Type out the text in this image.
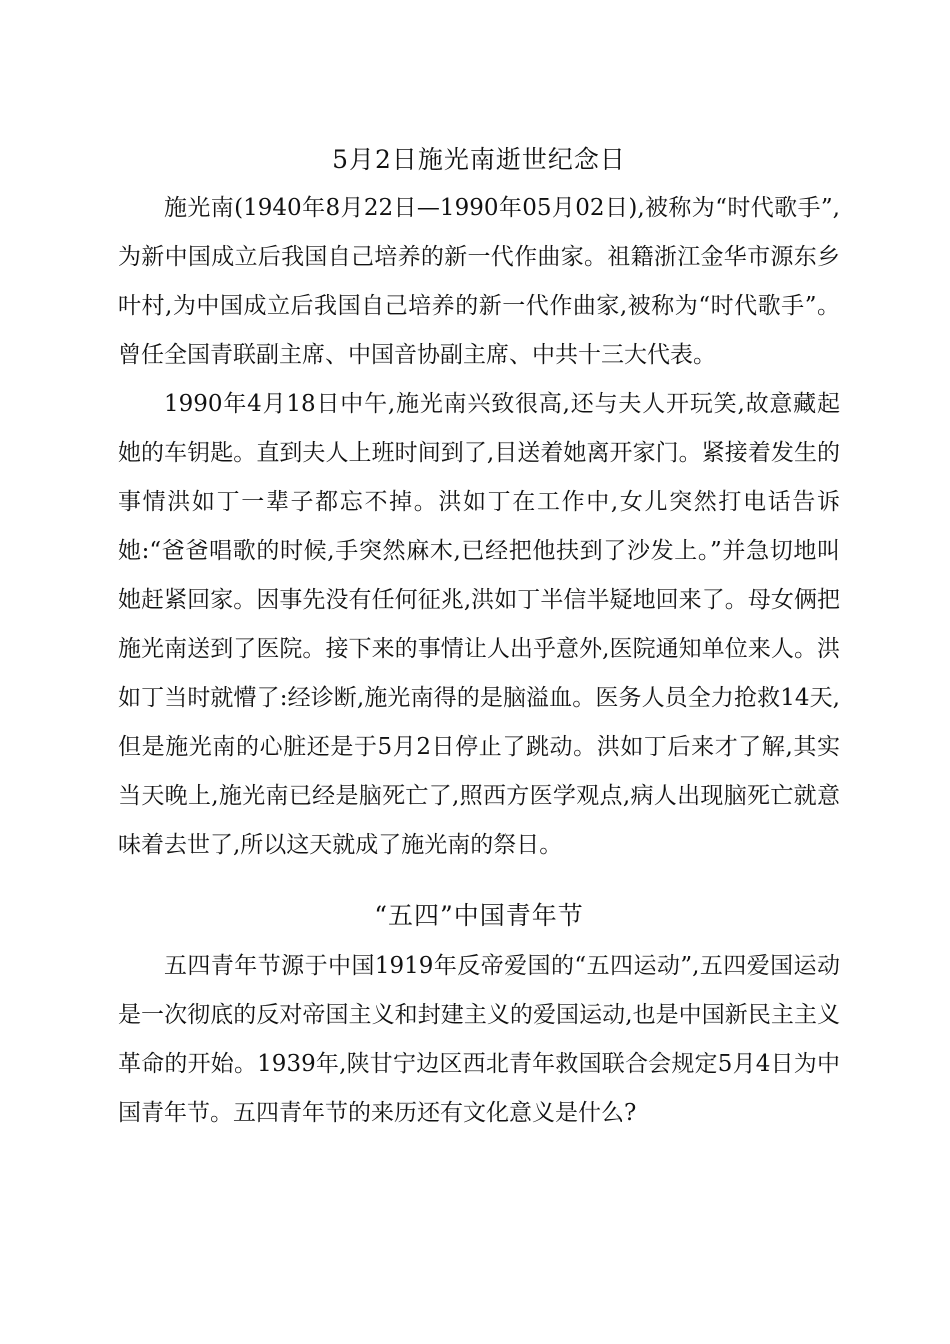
5月2日施光南逝世纪念日

施光南(1940年8月22日—1990年05月02日),被称为“时代歌手”,为新中国成立后我国自己培养的新一代作曲家。祖籍浙江金华市源东乡叶村,为中国成立后我国自己培养的新一代作曲家,被称为“时代歌手”。曾任全国青联副主席、中国音协副主席、中共十三大代表。

1990年4月18日中午,施光南兴致很高,还与夫人开玩笑,故意藏起她的车钥匙。直到夫人上班时间到了,目送着她离开家门。紧接着发生的事情洪如丁一辈子都忘不掉。洪如丁在工作中,女儿突然打电话告诉她:“爸爸唱歌的时候,手突然麻木,已经把他扶到了沙发上。”并急切地叫她赶紧回家。因事先没有任何征兆,洪如丁半信半疑地回来了。母女俩把施光南送到了医院。接下来的事情让人出乎意外,医院通知单位来人。洪如丁当时就懵了:经诊断,施光南得的是脑溢血。医务人员全力抢救14天,但是施光南的心脏还是于5月2日停止了跳动。洪如丁后来才了解,其实当天晚上,施光南已经是脑死亡了,照西方医学观点,病人出现脑死亡就意味着去世了,所以这天就成了施光南的祭日。

“五四”中国青年节

五四青年节源于中国1919年反帝爱国的“五四运动”,五四爱国运动是一次彻底的反对帝国主义和封建主义的爱国运动,也是中国新民主主义革命的开始。1939年,陕甘宁边区西北青年救国联合会规定5月4日为中国青年节。五四青年节的来历还有文化意义是什么?
